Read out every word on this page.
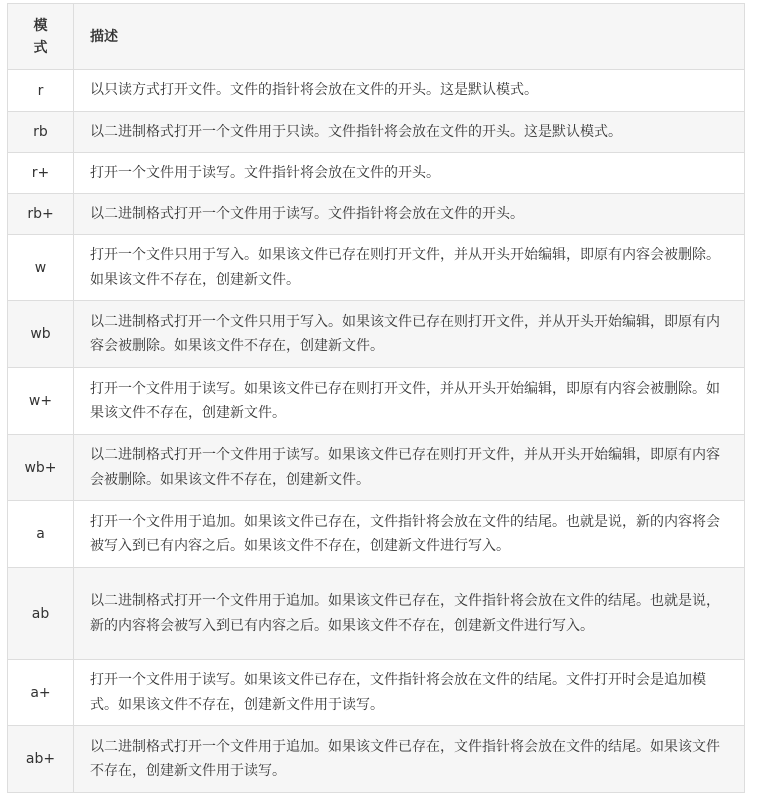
模式	描述
r	以只读方式打开文件。文件的指针将会放在文件的开头。这是默认模式。
rb	以二进制格式打开一个文件用于只读。文件指针将会放在文件的开头。这是默认模式。
r+	打开一个文件用于读写。文件指针将会放在文件的开头。
rb+	以二进制格式打开一个文件用于读写。文件指针将会放在文件的开头。
w	打开一个文件只用于写入。如果该文件已存在则打开文件，并从开头开始编辑，即原有内容会被删除。如果该文件不存在，创建新文件。
wb	以二进制格式打开一个文件只用于写入。如果该文件已存在则打开文件，并从开头开始编辑，即原有内容会被删除。如果该文件不存在，创建新文件。
w+	打开一个文件用于读写。如果该文件已存在则打开文件，并从开头开始编辑，即原有内容会被删除。如果该文件不存在，创建新文件。
wb+	以二进制格式打开一个文件用于读写。如果该文件已存在则打开文件，并从开头开始编辑，即原有内容会被删除。如果该文件不存在，创建新文件。
a	打开一个文件用于追加。如果该文件已存在，文件指针将会放在文件的结尾。也就是说，新的内容将会被写入到已有内容之后。如果该文件不存在，创建新文件进行写入。
ab	以二进制格式打开一个文件用于追加。如果该文件已存在，文件指针将会放在文件的结尾。也就是说，新的内容将会被写入到已有内容之后。如果该文件不存在，创建新文件进行写入。
a+	打开一个文件用于读写。如果该文件已存在，文件指针将会放在文件的结尾。文件打开时会是追加模式。如果该文件不存在，创建新文件用于读写。
ab+	以二进制格式打开一个文件用于追加。如果该文件已存在，文件指针将会放在文件的结尾。如果该文件不存在，创建新文件用于读写。
